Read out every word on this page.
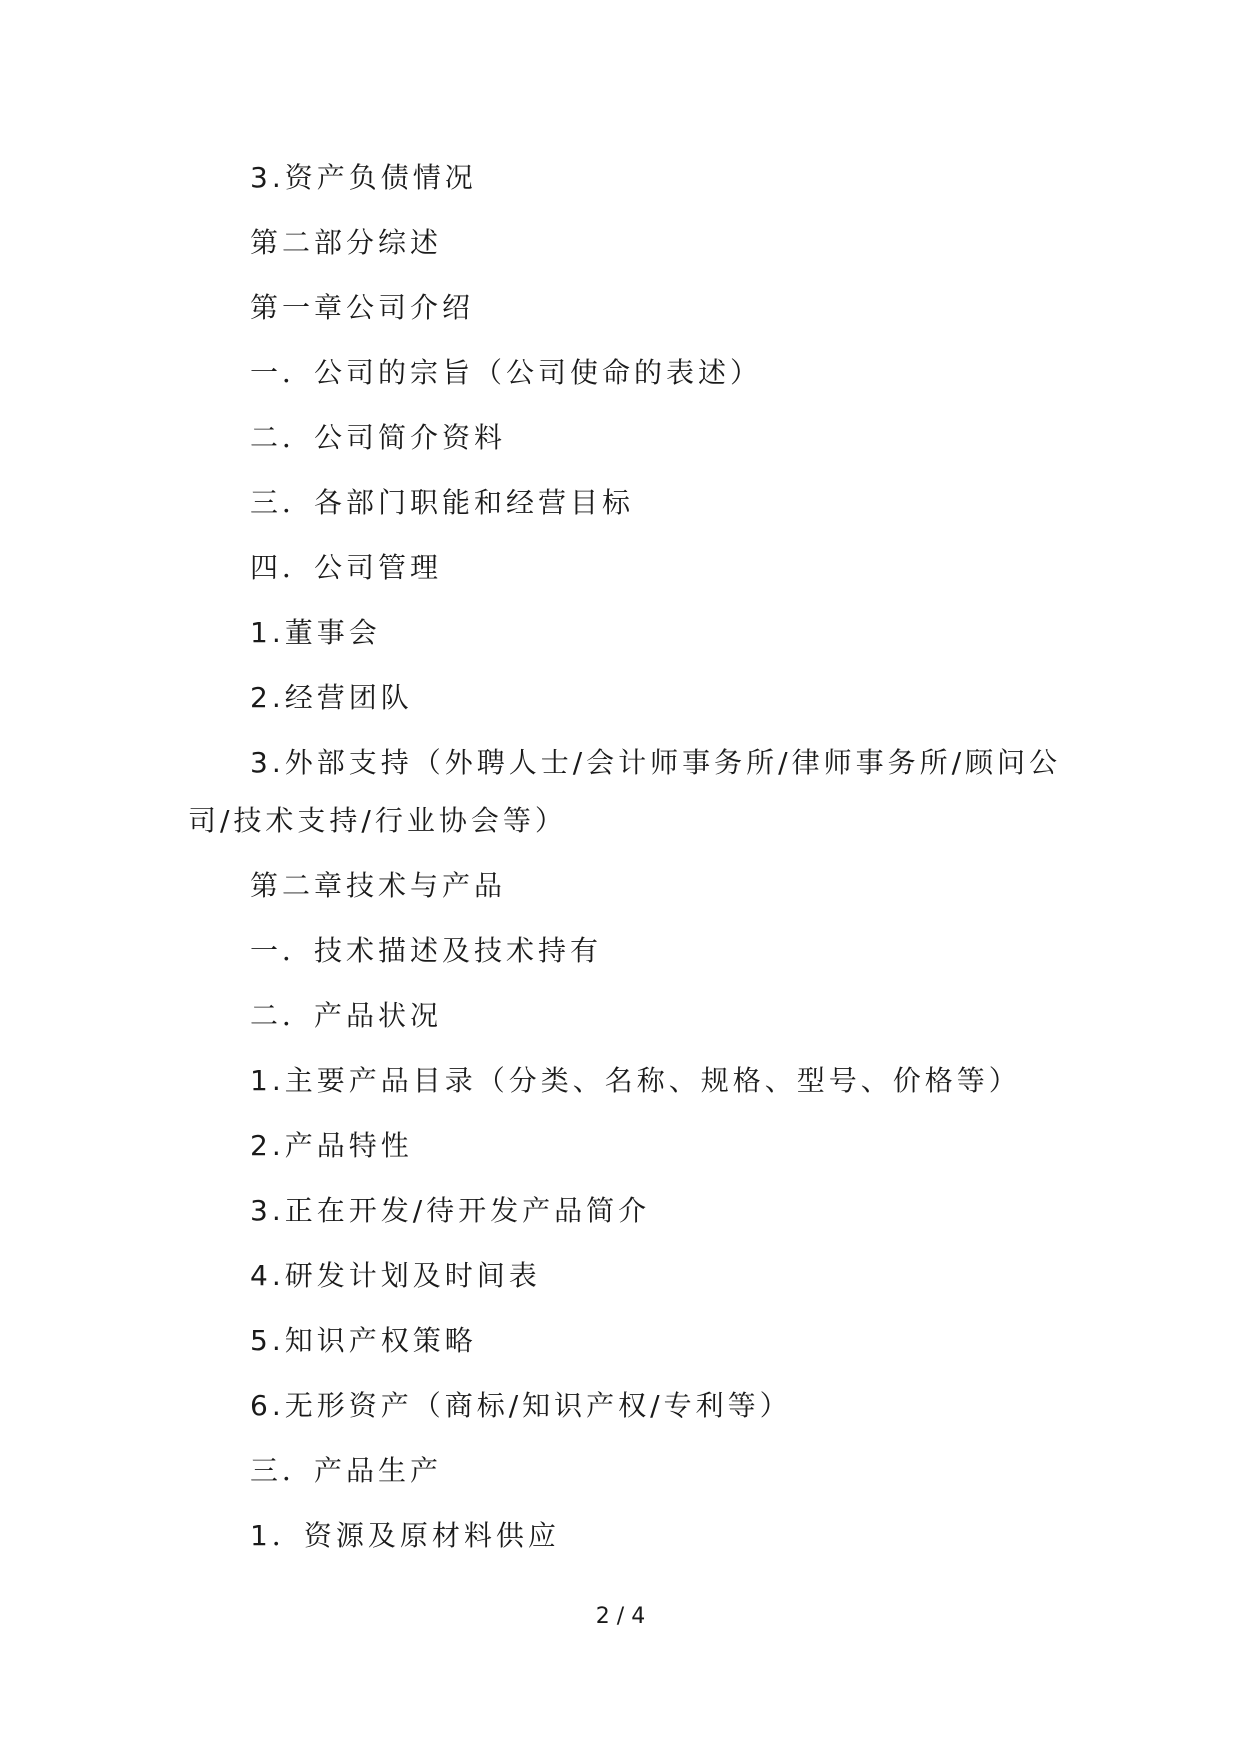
3.资产负债情况
第二部分综述
第一章公司介绍
一．公司的宗旨（公司使命的表述）
二．公司简介资料
三．各部门职能和经营目标
四．公司管理
1.董事会
2.经营团队
3.外部支持（外聘人士/会计师事务所/律师事务所/顾问公
司/技术支持/行业协会等）
第二章技术与产品
一．技术描述及技术持有
二．产品状况
1.主要产品目录（分类、名称、规格、型号、价格等）
2.产品特性
3.正在开发/待开发产品简介
4.研发计划及时间表
5.知识产权策略
6.无形资产（商标/知识产权/专利等）
三．产品生产
1．资源及原材料供应
2 / 4
